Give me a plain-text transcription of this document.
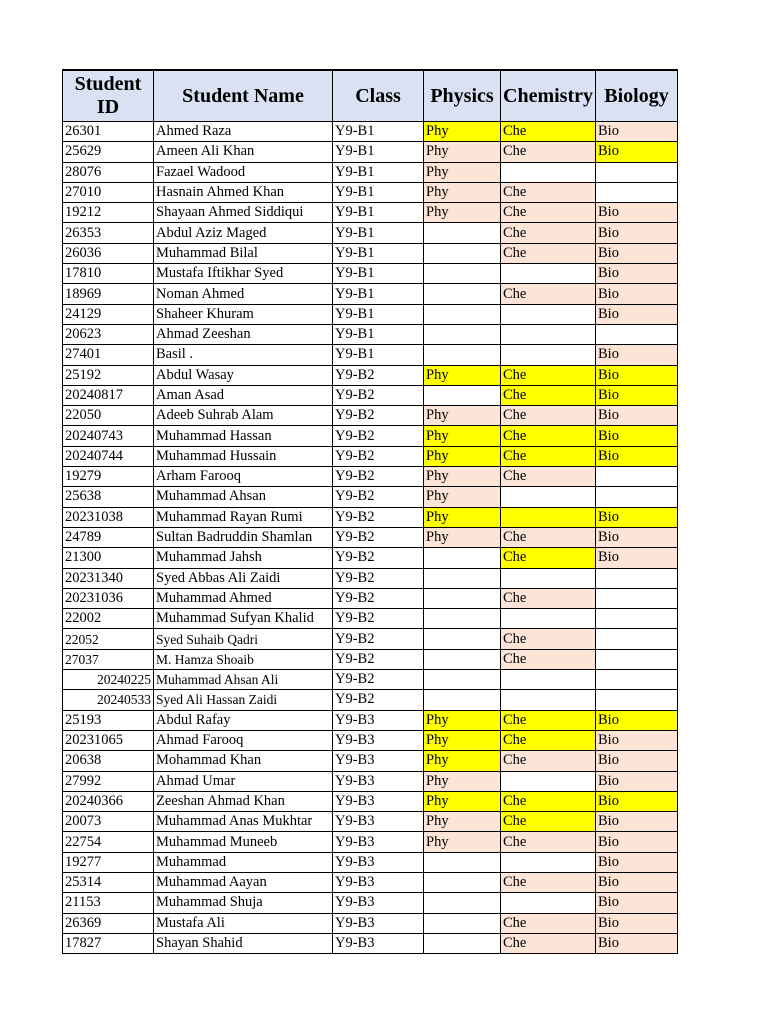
Student ID	Student Name	Class	Physics	Chemistry	Biology
26301	Ahmed Raza	Y9-B1	Phy	Che	Bio
25629	Ameen Ali Khan	Y9-B1	Phy	Che	Bio
28076	Fazael Wadood	Y9-B1	Phy		
27010	Hasnain Ahmed Khan	Y9-B1	Phy	Che	
19212	Shayaan Ahmed Siddiqui	Y9-B1	Phy	Che	Bio
26353	Abdul Aziz Maged	Y9-B1		Che	Bio
26036	Muhammad Bilal	Y9-B1		Che	Bio
17810	Mustafa Iftikhar Syed	Y9-B1			Bio
18969	Noman Ahmed	Y9-B1		Che	Bio
24129	Shaheer Khuram	Y9-B1			Bio
20623	Ahmad Zeeshan	Y9-B1			
27401	Basil .	Y9-B1			Bio
25192	Abdul Wasay	Y9-B2	Phy	Che	Bio
20240817	Aman Asad	Y9-B2		Che	Bio
22050	Adeeb Suhrab Alam	Y9-B2	Phy	Che	Bio
20240743	Muhammad Hassan	Y9-B2	Phy	Che	Bio
20240744	Muhammad Hussain	Y9-B2	Phy	Che	Bio
19279	Arham Farooq	Y9-B2	Phy	Che	
25638	Muhammad Ahsan	Y9-B2	Phy		
20231038	Muhammad Rayan Rumi	Y9-B2	Phy		Bio
24789	Sultan Badruddin Shamlan	Y9-B2	Phy	Che	Bio
21300	Muhammad Jahsh	Y9-B2		Che	Bio
20231340	Syed Abbas Ali Zaidi	Y9-B2			
20231036	Muhammad Ahmed	Y9-B2		Che	
22002	Muhammad Sufyan Khalid	Y9-B2			
22052	Syed Suhaib Qadri	Y9-B2		Che	
27037	M. Hamza Shoaib	Y9-B2		Che	
20240225	Muhammad Ahsan Ali	Y9-B2			
20240533	Syed Ali Hassan Zaidi	Y9-B2			
25193	Abdul Rafay	Y9-B3	Phy	Che	Bio
20231065	Ahmad Farooq	Y9-B3	Phy	Che	Bio
20638	Mohammad Khan	Y9-B3	Phy	Che	Bio
27992	Ahmad Umar	Y9-B3	Phy		Bio
20240366	Zeeshan Ahmad Khan	Y9-B3	Phy	Che	Bio
20073	Muhammad Anas Mukhtar	Y9-B3	Phy	Che	Bio
22754	Muhammad Muneeb	Y9-B3	Phy	Che	Bio
19277	Muhammad	Y9-B3			Bio
25314	Muhammad Aayan	Y9-B3		Che	Bio
21153	Muhammad Shuja	Y9-B3			Bio
26369	Mustafa Ali	Y9-B3		Che	Bio
17827	Shayan Shahid	Y9-B3		Che	Bio
